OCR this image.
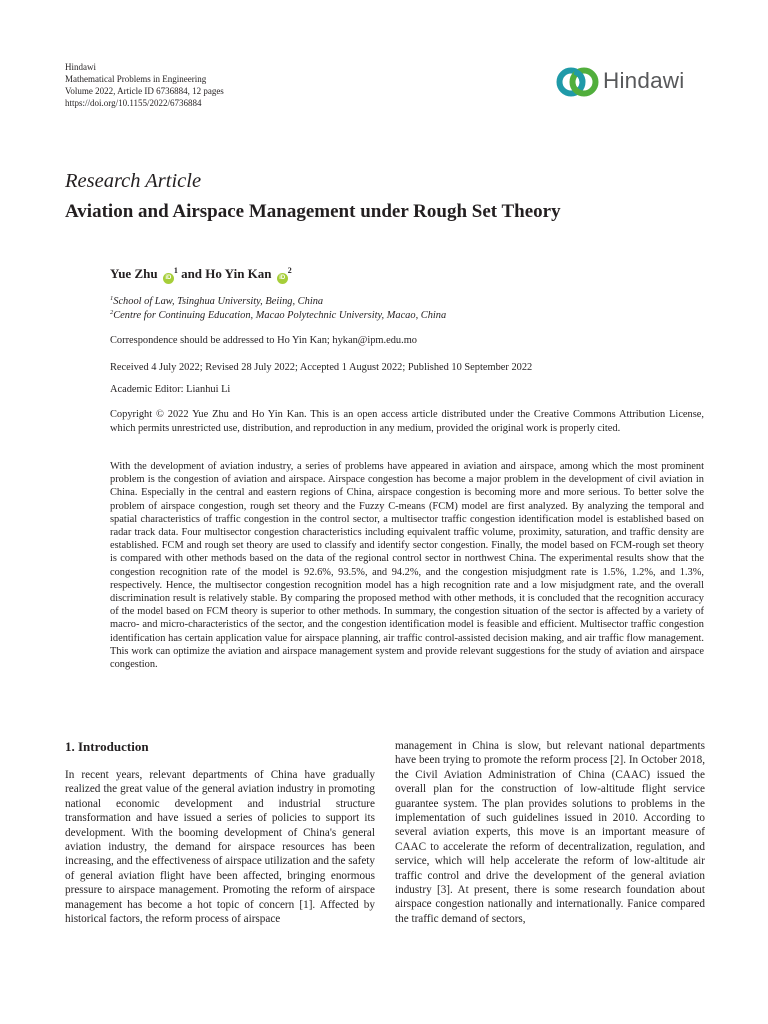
Hindawi
Mathematical Problems in Engineering
Volume 2022, Article ID 6736884, 12 pages
https://doi.org/10.1155/2022/6736884
Hindawi
Research Article
Aviation and Airspace Management under Rough Set Theory
Yue Zhu $iD^1$ and Ho Yin Kan $iD^2$
$^1$School of Law, Tsinghua University, Beiing, China
$^2$Centre for Continuing Education, Macao Polytechnic University, Macao, China
Correspondence should be addressed to Ho Yin Kan; hykan@ipm.edu.mo
Received 4 July 2022; Revised 28 July 2022; Accepted 1 August 2022; Published 10 September 2022
Academic Editor: Lianhui Li
Copyright © 2022 Yue Zhu and Ho Yin Kan. This is an open access article distributed under the Creative Commons Attribution License, which permits unrestricted use, distribution, and reproduction in any medium, provided the original work is properly cited.
With the development of aviation industry, a series of problems have appeared in aviation and airspace, among which the most prominent problem is the congestion of aviation and airspace. Airspace congestion has become a major problem in the development of civil aviation in China. Especially in the central and eastern regions of China, airspace congestion is becoming more and more serious. To better solve the problem of airspace congestion, rough set theory and the Fuzzy C-means (FCM) model are first analyzed. By analyzing the temporal and spatial characteristics of traffic congestion in the control sector, a multisector traffic congestion identification model is established based on radar track data. Four multisector congestion characteristics including equivalent traffic volume, proximity, saturation, and traffic density are established. FCM and rough set theory are used to classify and identify sector congestion. Finally, the model based on FCM-rough set theory is compared with other methods based on the data of the regional control sector in northwest China. The experimental results show that the congestion recognition rate of the model is 92.6%, 93.5%, and 94.2%, and the congestion misjudgment rate is 1.5%, 1.2%, and 1.3%, respectively. Hence, the multisector congestion recognition model has a high recognition rate and a low misjudgment rate, and the overall discrimination result is relatively stable. By comparing the proposed method with other methods, it is concluded that the recognition accuracy of the model based on FCM theory is superior to other methods. In summary, the congestion situation of the sector is affected by a variety of macro- and micro-characteristics of the sector, and the congestion identification model is feasible and efficient. Multisector traffic congestion identification has certain application value for airspace planning, air traffic control-assisted decision making, and air traffic flow management. This work can optimize the aviation and airspace management system and provide relevant suggestions for the study of aviation and airspace congestion.
1. Introduction
In recent years, relevant departments of China have gradually realized the great value of the general aviation industry in promoting national economic development and industrial structure transformation and have issued a series of policies to support its development. With the booming development of China's general aviation industry, the demand for airspace resources has been increasing, and the effectiveness of airspace utilization and the safety of general aviation flight have been affected, bringing enormous pressure to airspace management. Promoting the reform of airspace management has become a hot topic of concern [1]. Affected by historical factors, the reform process of airspace
management in China is slow, but relevant national departments have been trying to promote the reform process [2]. In October 2018, the Civil Aviation Administration of China (CAAC) issued the overall plan for the construction of low-altitude flight service guarantee system. The plan provides solutions to problems in the implementation of such guidelines issued in 2010. According to several aviation experts, this move is an important measure of CAAC to accelerate the reform of decentralization, regulation, and service, which will help accelerate the reform of low-altitude air traffic control and drive the development of the general aviation industry [3]. At present, there is some research foundation about airspace congestion nationally and internationally. Fanice compared the traffic demand of sectors,
